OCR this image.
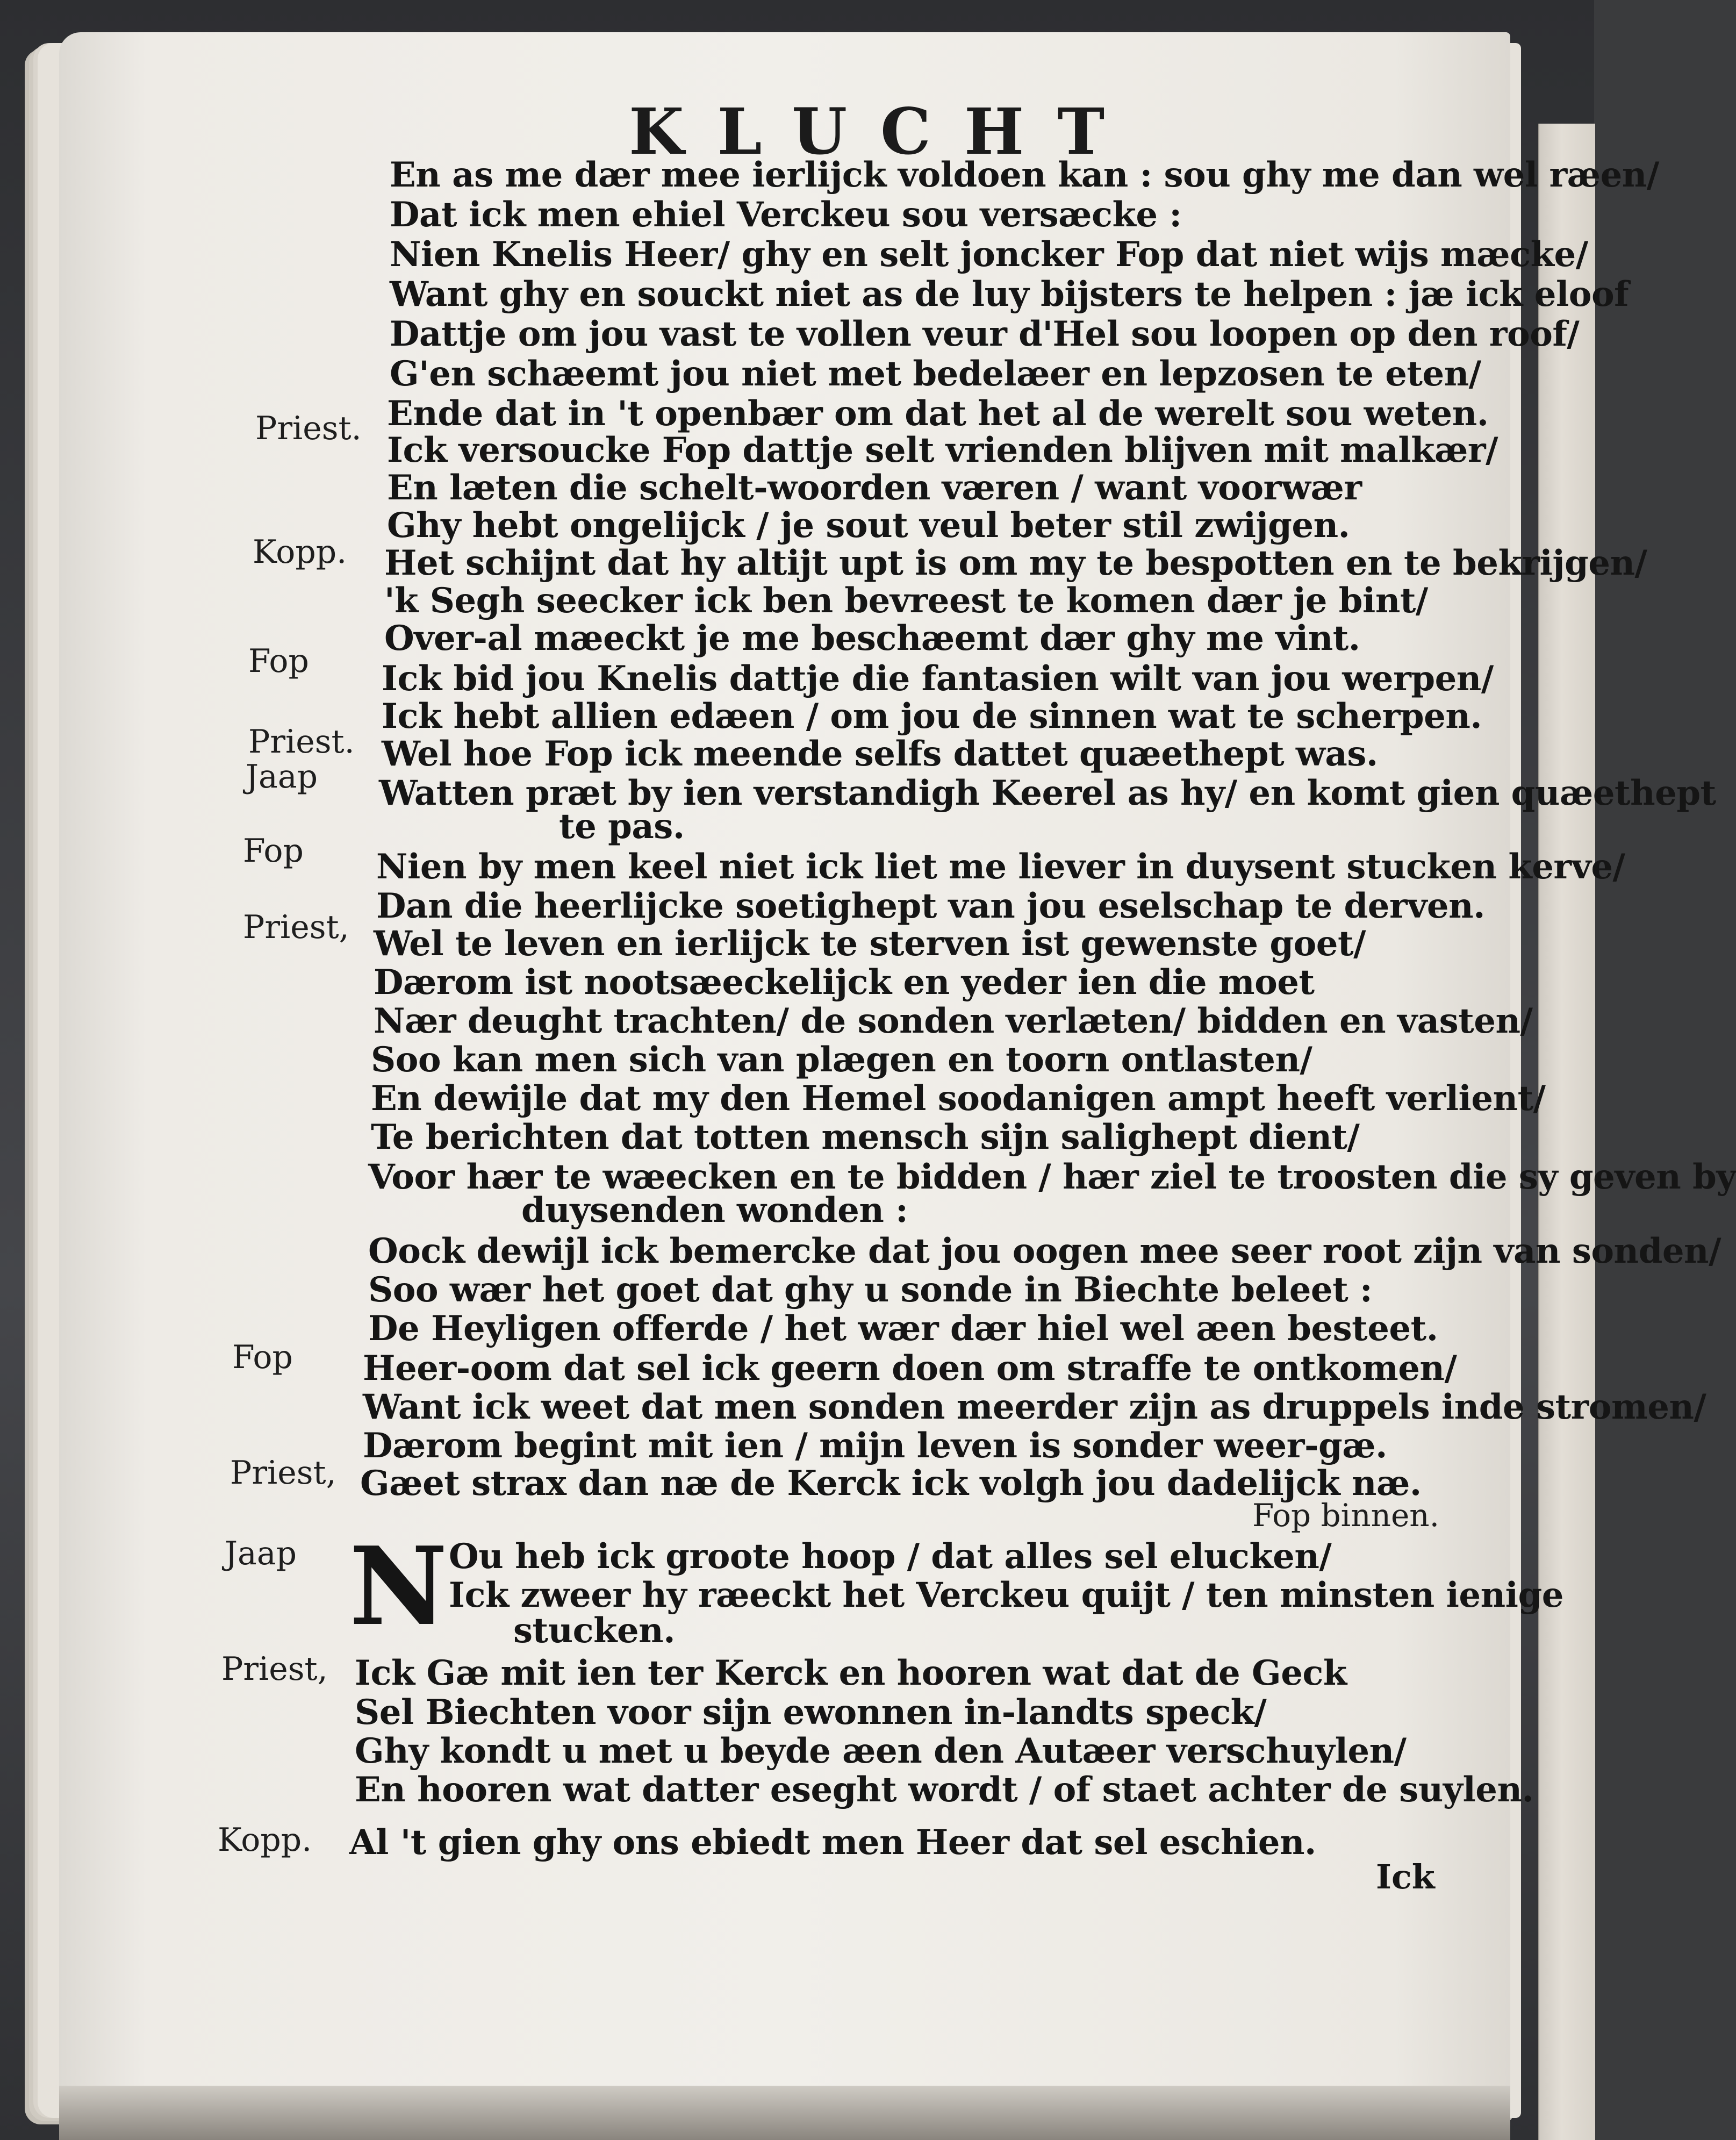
KLUCHT
Priest.
Kopp.
Fop
Priest.
Jaap
Fop
Priest,
Fop
Priest,
Jaap
Priest,
Kopp.
En as me dær mee ierlijck voldoen kan : sou ghy me dan wel ræen/
Dat ick men ehiel Verckeu sou versæcke :
Nien Knelis Heer/ ghy en selt joncker Fop dat niet wijs mæcke/
Want ghy en souckt niet as de luy bijsters te helpen : jæ ick eloof
Dattje om jou vast te vollen veur d'Hel sou loopen op den roof/
G'en schæemt jou niet met bedelæer en lepzosen te eten/
Ende dat in 't openbær om dat het al de werelt sou weten.
Ick versoucke Fop dattje selt vrienden blijven mit malkær/
En læten die schelt-woorden væren / want voorwær
Ghy hebt ongelijck / je sout veul beter stil zwijgen.
Het schijnt dat hy altijt upt is om my te bespotten en te bekrijgen/
'k Segh seecker ick ben bevreest te komen dær je bint/
Over-al mæeckt je me beschæemt dær ghy me vint.
Ick bid jou Knelis dattje die fantasien wilt van jou werpen/
Ick hebt allien edæen / om jou de sinnen wat te scherpen.
Wel hoe Fop ick meende selfs dattet quæethept was.
Watten præt by ien verstandigh Keerel as hy/ en komt gien quæethept
te pas.
Nien by men keel niet ick liet me liever in duysent stucken kerve/
Dan die heerlijcke soetighept van jou eselschap te derven.
Wel te leven en ierlijck te sterven ist gewenste goet/
Dærom ist nootsæeckelijck en yeder ien die moet
Nær deught trachten/ de sonden verlæten/ bidden en vasten/
Soo kan men sich van plægen en toorn ontlasten/
En dewijle dat my den Hemel soodanigen ampt heeft verlient/
Te berichten dat totten mensch sijn salighept dient/
Voor hær te wæecken en te bidden / hær ziel te troosten die sy geven by
duysenden wonden :
Oock dewijl ick bemercke dat jou oogen mee seer root zijn van sonden/
Soo wær het goet dat ghy u sonde in Biechte beleet :
De Heyligen offerde / het wær dær hiel wel æen besteet.
Heer-oom dat sel ick geern doen om straffe te ontkomen/
Want ick weet dat men sonden meerder zijn as druppels inde stromen/
Dærom begint mit ien / mijn leven is sonder weer-gæ.
Gæet strax dan næ de Kerck ick volgh jou dadelijck næ.
Fop binnen.
N Ou heb ick groote hoop / dat alles sel elucken/
Ick zweer hy ræeckt het Verckeu quijt / ten minsten ienige
stucken.
Ick Gæ mit ien ter Kerck en hooren wat dat de Geck
Sel Biechten voor sijn ewonnen in-landts speck/
Ghy kondt u met u beyde æen den Autæer verschuylen/
En hooren wat datter eseght wordt / of staet achter de suylen.
Al 't gien ghy ons ebiedt men Heer dat sel eschien.
Ick
